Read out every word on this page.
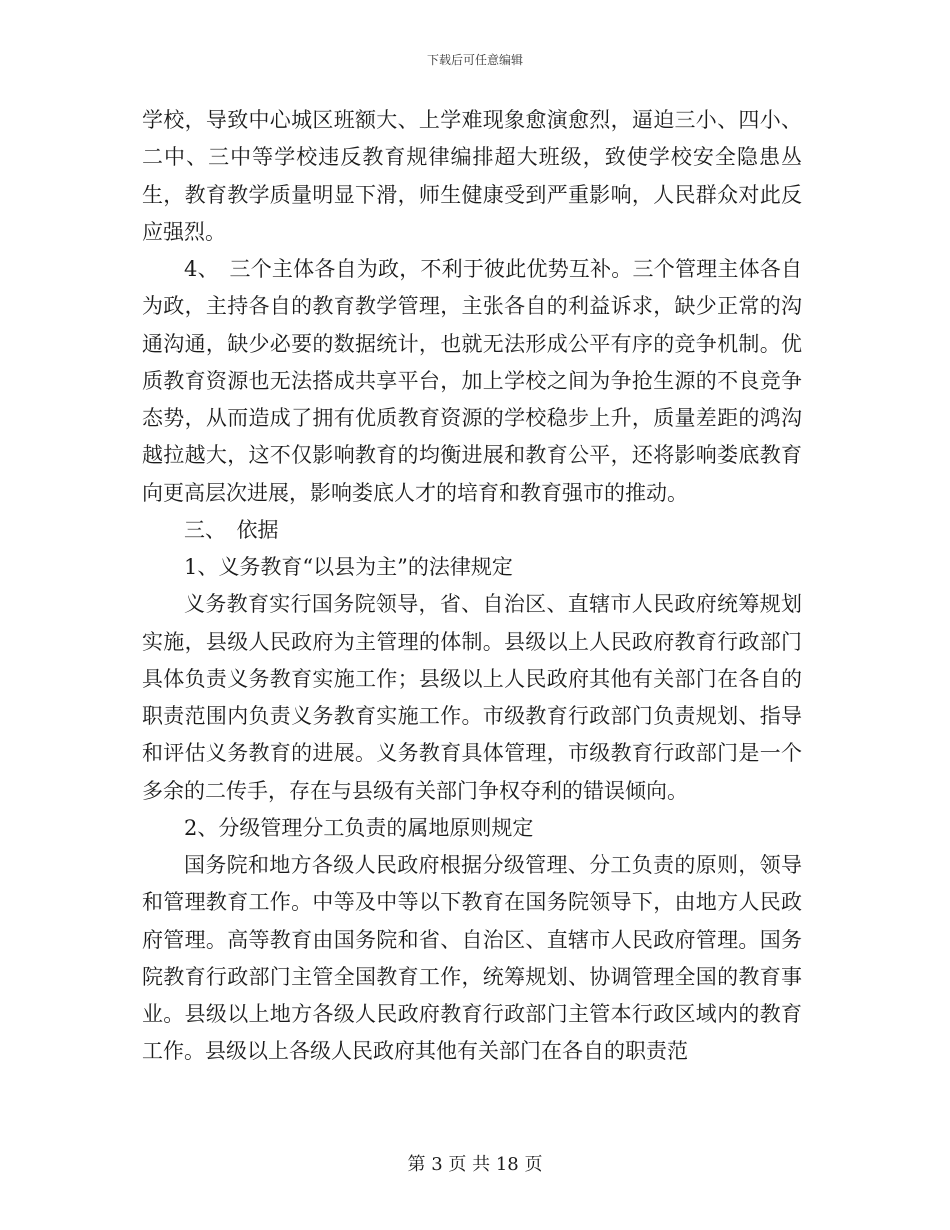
下载后可任意编辑

学校，导致中心城区班额大、上学难现象愈演愈烈，逼迫三小、四小、二中、三中等学校违反教育规律编排超大班级，致使学校安全隐患丛生，教育教学质量明显下滑，师生健康受到严重影响，人民群众对此反应强烈。

4、　三个主体各自为政，不利于彼此优势互补。三个管理主体各自为政，主持各自的教育教学管理，主张各自的利益诉求，缺少正常的沟通沟通，缺少必要的数据统计，也就无法形成公平有序的竞争机制。优质教育资源也无法搭成共享平台，加上学校之间为争抢生源的不良竞争态势，从而造成了拥有优质教育资源的学校稳步上升，质量差距的鸿沟越拉越大，这不仅影响教育的均衡进展和教育公平，还将影响娄底教育向更高层次进展，影响娄底人才的培育和教育强市的推动。

三、　依据

1、义务教育“以县为主”的法律规定

义务教育实行国务院领导，省、自治区、直辖市人民政府统筹规划实施，县级人民政府为主管理的体制。县级以上人民政府教育行政部门具体负责义务教育实施工作；县级以上人民政府其他有关部门在各自的职责范围内负责义务教育实施工作。市级教育行政部门负责规划、指导和评估义务教育的进展。义务教育具体管理，市级教育行政部门是一个多余的二传手，存在与县级有关部门争权夺利的错误倾向。

2、分级管理分工负责的属地原则规定

国务院和地方各级人民政府根据分级管理、分工负责的原则，领导和管理教育工作。中等及中等以下教育在国务院领导下，由地方人民政府管理。高等教育由国务院和省、自治区、直辖市人民政府管理。国务院教育行政部门主管全国教育工作，统筹规划、协调管理全国的教育事业。县级以上地方各级人民政府教育行政部门主管本行政区域内的教育工作。县级以上各级人民政府其他有关部门在各自的职责范

第 3 页 共 18 页
